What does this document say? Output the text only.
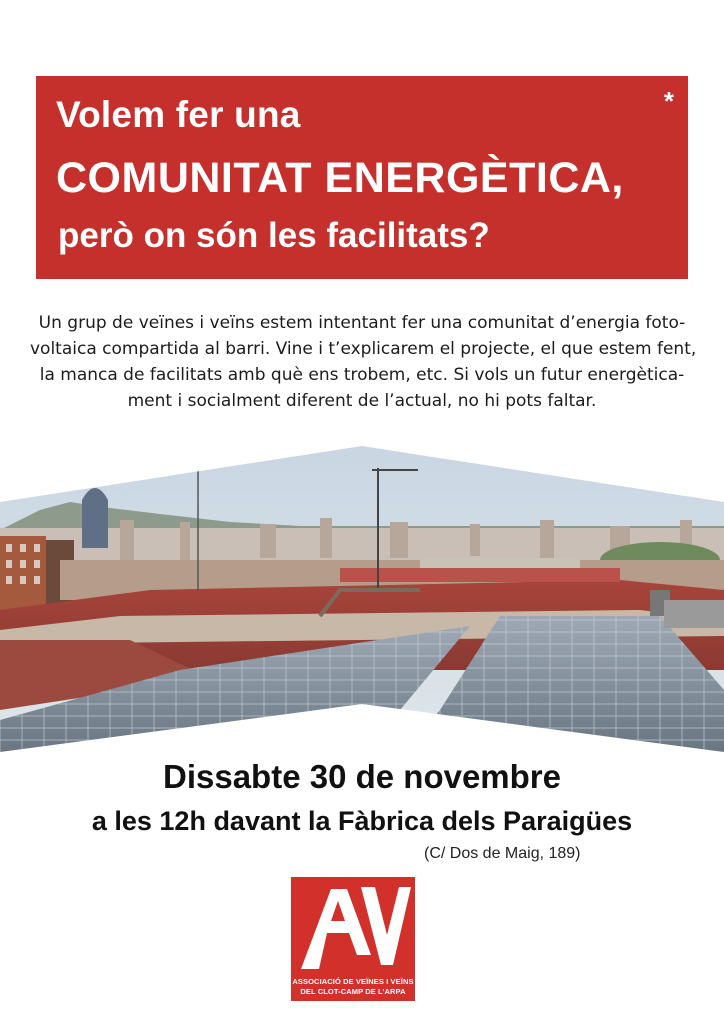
Volem fer una
COMUNITAT ENERGÈTICA,
però on són les facilitats?
*
Un grup de veïnes i veïns estem intentant fer una comunitat d’energia foto-
voltaica compartida al barri. Vine i t’explicarem el projecte, el que estem fent,
la manca de facilitats amb què ens trobem, etc. Si vols un futur energètica-
ment i socialment diferent de l’actual, no hi pots faltar.
Dissabte 30 de novembre
a les 12h davant la Fàbrica dels Paraigües
(C/ Dos de Maig, 189)
ASSOCIACIÓ DE VEÏNES I VEÏNS
DEL CLOT-CAMP DE L’ARPA
